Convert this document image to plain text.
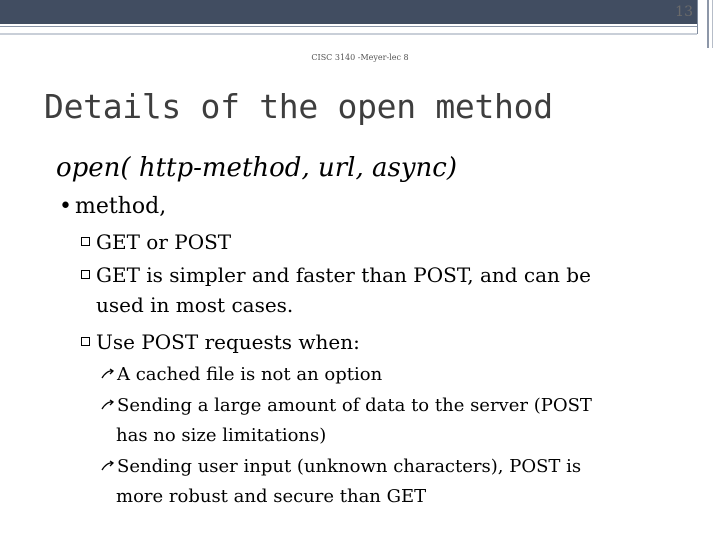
13
CISC 3140 -Meyer-lec 8
Details of the open method
open( http-method, url, async)
• method,
GET or POST
GET is simpler and faster than POST, and can be
used in most cases.
Use POST requests when:
A cached file is not an option
Sending a large amount of data to the server (POST
has no size limitations)
Sending user input (unknown characters), POST is
more robust and secure than GET
